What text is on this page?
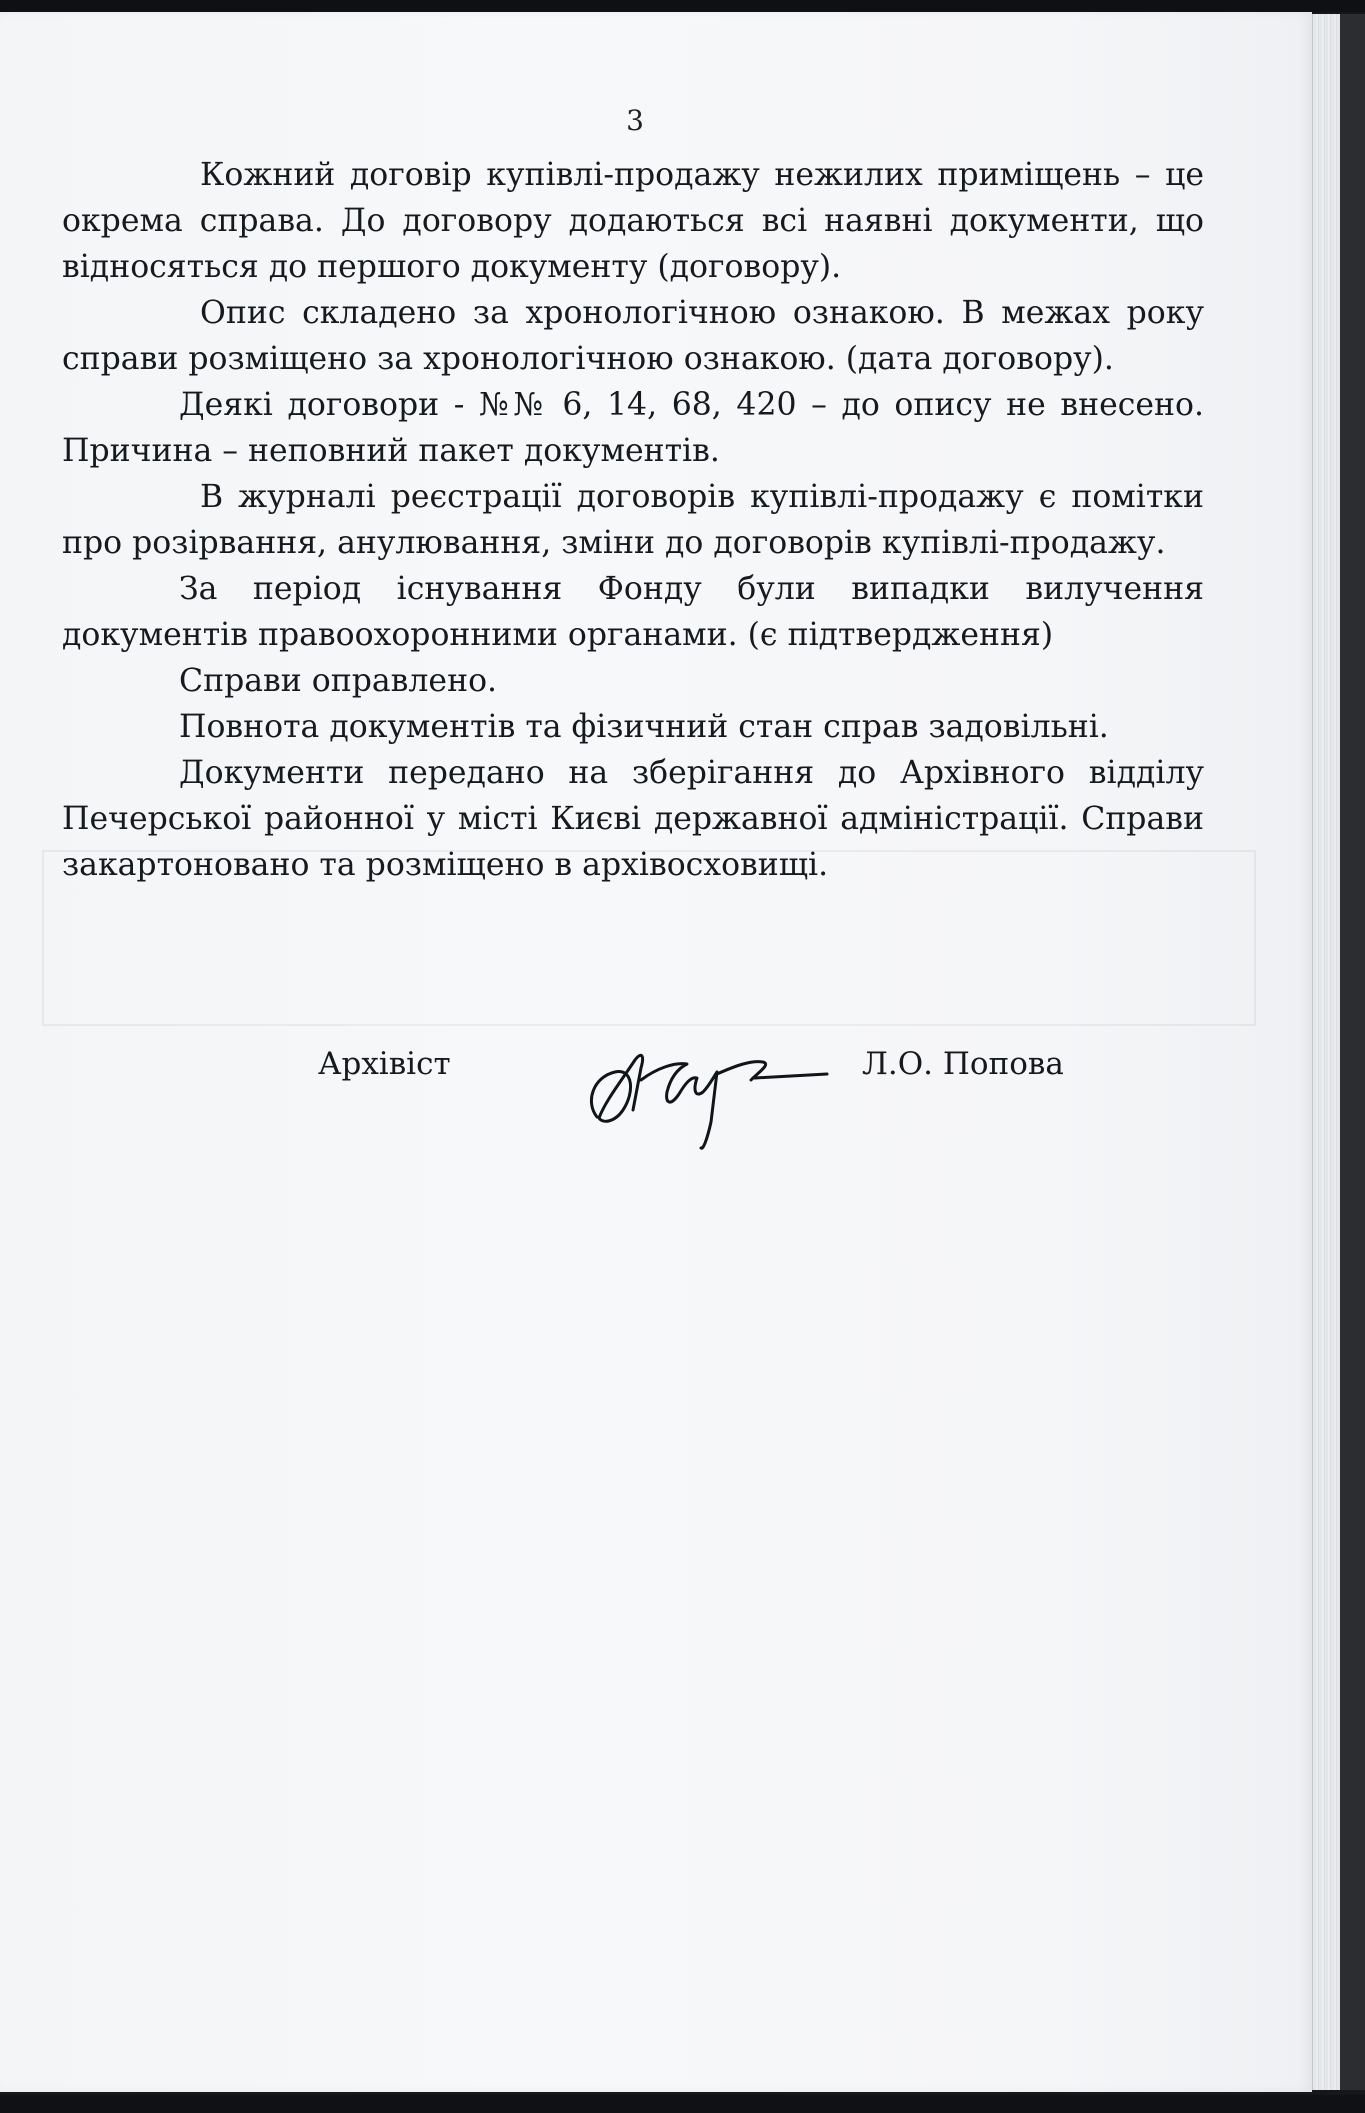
3

Кожний договір купівлі-продажу нежилих приміщень – це окрема справа. До договору додаються всі наявні документи, що відносяться до першого документу (договору).

Опис складено за хронологічною ознакою. В межах року справи розміщено за хронологічною ознакою. (дата договору).

Деякі договори - №№ 6, 14, 68, 420 – до опису не внесено. Причина – неповний пакет документів.

В журналі реєстрації договорів купівлі-продажу є помітки про розірвання, анулювання, зміни до договорів купівлі-продажу.

За період існування Фонду були випадки вилучення документів правоохоронними органами. (є підтвердження)

Справи оправлено.

Повнота документів та фізичний стан справ задовільні.

Документи передано на зберігання до Архівного відділу Печерської районної у місті Києві державної адміністрації. Справи закартоновано та розміщено в архівосховищі.

Архівіст	Л.О. Попова
